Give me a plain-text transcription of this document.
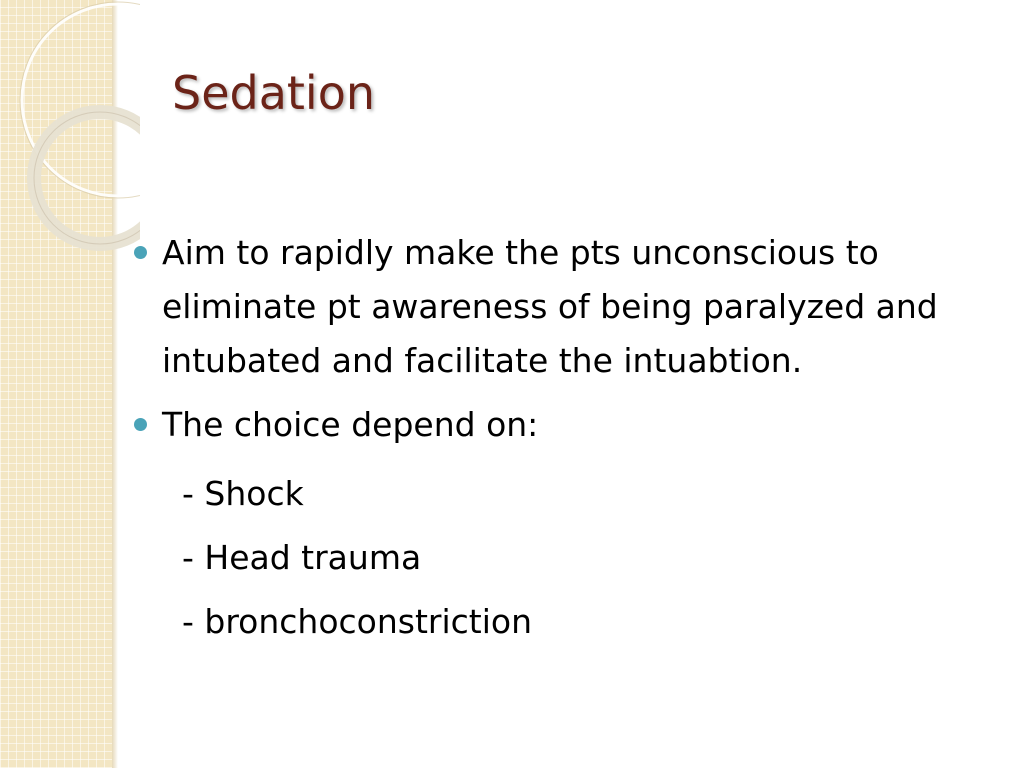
Sedation
Aim to rapidly make the pts unconscious to eliminate pt awareness of being paralyzed and intubated and facilitate the intuabtion.
The choice depend on:
- Shock
- Head trauma
- bronchoconstriction
